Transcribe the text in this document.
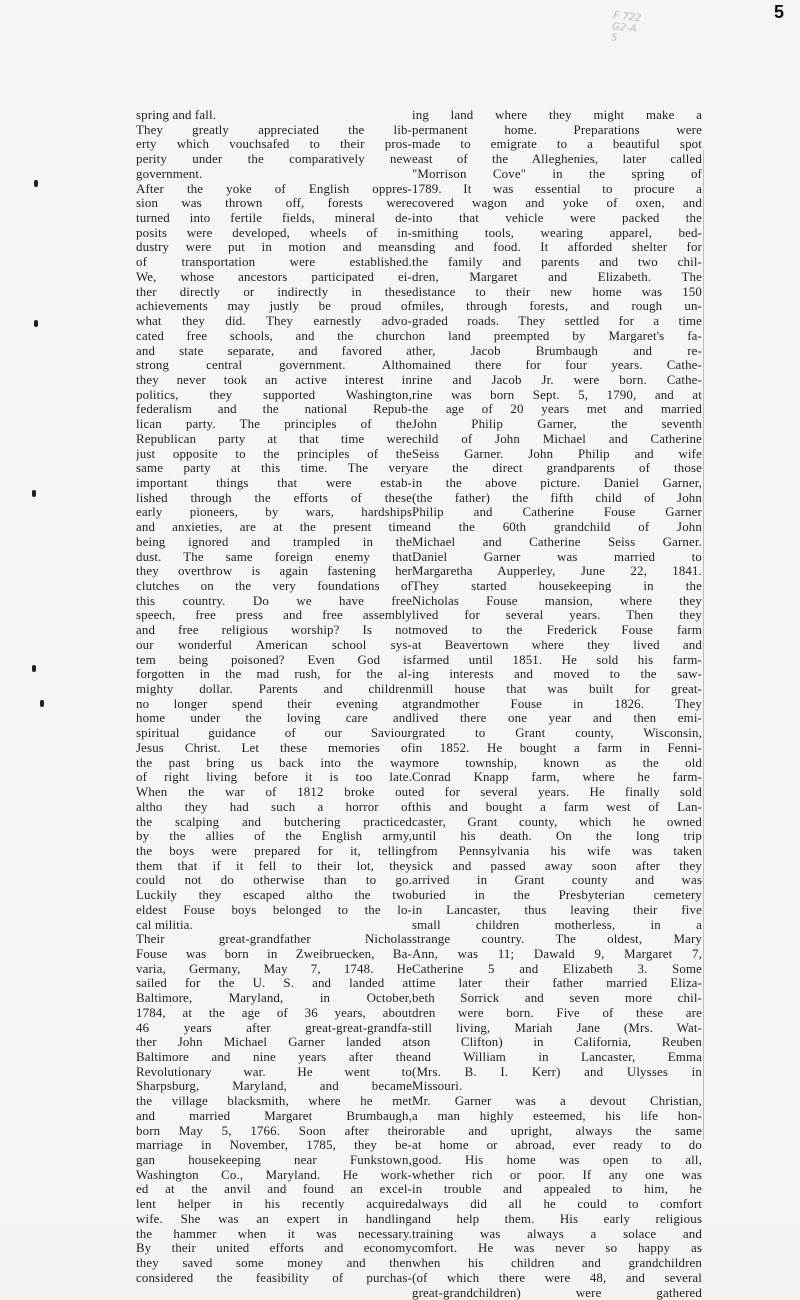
5
F 722
G2-A
5
spring and fall.
They greatly appreciated the lib-
erty which vouchsafed to their pros-
perity under the comparatively new
government.
After the yoke of English oppres-
sion was thrown off, forests were
turned into fertile fields, mineral de-
posits were developed, wheels of in-
dustry were put in motion and means
of transportation were established.
We, whose ancestors participated ei-
ther directly or indirectly in these
achievements may justly be proud of
what they did. They earnestly advo-
cated free schools, and the church
and state separate, and favored a
strong central government. Altho
they never took an active interest in
politics, they supported Washington,
federalism and the national Repub-
lican party. The principles of the
Republican party at that time were
just opposite to the principles of the
same party at this time. The very
important things that were estab-
lished through the efforts of these
early pioneers, by wars, hardships
and anxieties, are at the present time
being ignored and trampled in the
dust. The same foreign enemy that
they overthrow is again fastening her
clutches on the very foundations of
this country. Do we have free
speech, free press and free assembly
and free religious worship? Is not
our wonderful American school sys-
tem being poisoned? Even God is
forgotten in the mad rush, for the al-
mighty dollar. Parents and children
no longer spend their evening at
home under the loving care and
spiritual guidance of our Saviour
Jesus Christ. Let these memories of
the past bring us back into the way
of right living before it is too late.
When the war of 1812 broke out
altho they had such a horror of
the scalping and butchering practiced
by the allies of the English army,
the boys were prepared for it, telling
them that if it fell to their lot, they
could not do otherwise than to go.
Luckily they escaped altho the two
eldest Fouse boys belonged to the lo-
cal militia.
Their great-grandfather Nicholas
Fouse was born in Zweibruecken, Ba-
varia, Germany, May 7, 1748. He
sailed for the U. S. and landed at
Baltimore, Maryland, in October,
1784, at the age of 36 years, about
46 years after great-great-grandfa-
ther John Michael Garner landed at
Baltimore and nine years after the
Revolutionary war. He went to
Sharpsburg, Maryland, and became
the village blacksmith, where he met
and married Margaret Brumbaugh,
born May 5, 1766. Soon after their
marriage in November, 1785, they be-
gan housekeeping near Funkstown,
Washington Co., Maryland. He work-
ed at the anvil and found an excel-
lent helper in his recently acquired
wife. She was an expert in handling
the hammer when it was necessary.
By their united efforts and economy
they saved some money and then
considered the feasibility of purchas-
ing land where they might make a
permanent home. Preparations were
made to emigrate to a beautiful spot
east of the Alleghenies, later called
"Morrison Cove" in the spring of
1789. It was essential to procure a
covered wagon and yoke of oxen, and
into that vehicle were packed the
smithing tools, wearing apparel, bed-
ding and food. It afforded shelter for
the family and parents and two chil-
dren, Margaret and Elizabeth. The
distance to their new home was 150
miles, through forests, and rough un-
graded roads. They settled for a time
on land preempted by Margaret's fa-
ther, Jacob Brumbaugh and re-
mained there for four years. Cathe-
rine and Jacob Jr. were born. Cathe-
rine was born Sept. 5, 1790, and at
the age of 20 years met and married
John Philip Garner, the seventh
child of John Michael and Catherine
Seiss Garner. John Philip and wife
are the direct grandparents of those
in the above picture. Daniel Garner,
(the father) the fifth child of John
Philip and Catherine Fouse Garner
and the 60th grandchild of John
Michael and Catherine Seiss Garner.
Daniel Garner was married to
Margaretha Aupperley, June 22, 1841.
They started housekeeping in the
Nicholas Fouse mansion, where they
lived for several years. Then they
moved to the Frederick Fouse farm
at Beavertown where they lived and
farmed until 1851. He sold his farm-
ing interests and moved to the saw-
mill house that was built for great-
grandmother Fouse in 1826. They
lived there one year and then emi-
grated to Grant county, Wisconsin,
in 1852. He bought a farm in Fenni-
more township, known as the old
Conrad Knapp farm, where he farm-
ed for several years. He finally sold
this and bought a farm west of Lan-
caster, Grant county, which he owned
until his death. On the long trip
from Pennsylvania his wife was taken
sick and passed away soon after they
arrived in Grant county and was
buried in the Presbyterian cemetery
in Lancaster, thus leaving their five
small children motherless, in a
strange country. The oldest, Mary
Ann, was 11; Dawald 9, Margaret 7,
Catherine 5 and Elizabeth 3. Some
time later their father married Eliza-
beth Sorrick and seven more chil-
dren were born. Five of these are
still living, Mariah Jane (Mrs. Wat-
son Clifton) in California, Reuben
and William in Lancaster, Emma
(Mrs. B. I. Kerr) and Ulysses in
Missouri.
Mr. Garner was a devout Christian,
a man highly esteemed, his life hon-
orable and upright, always the same
at home or abroad, ever ready to do
good. His home was open to all,
whether rich or poor. If any one was
in trouble and appealed to him, he
always did all he could to comfort
and help them. His early religious
training was always a solace and
comfort. He was never so happy as
when his children and grandchildren
(of which there were 48, and several
great-grandchildren) were gathered
